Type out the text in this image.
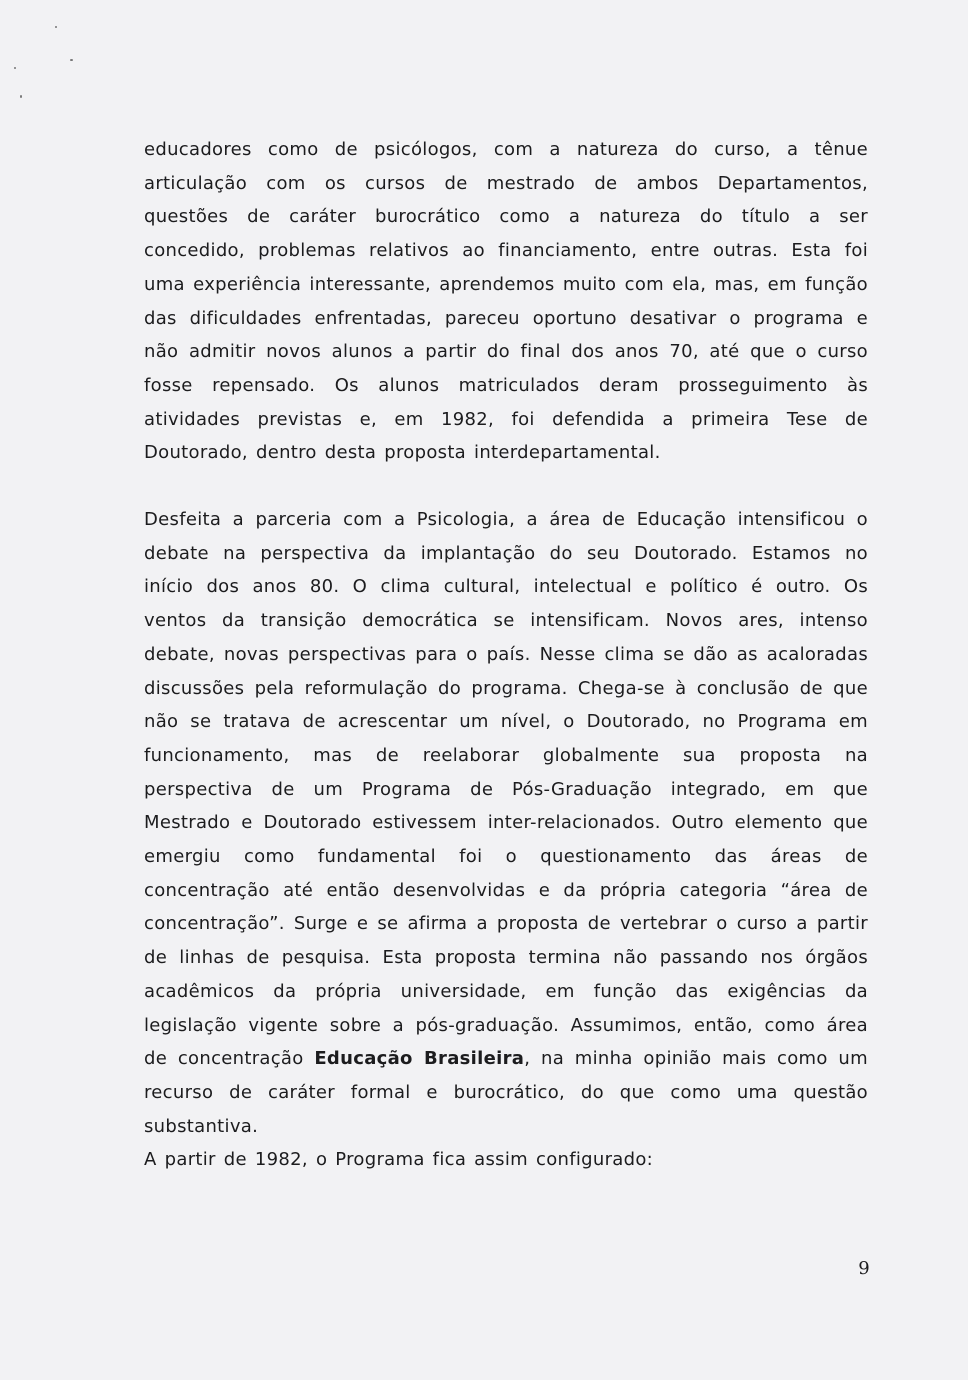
educadores como de psicólogos, com a natureza do curso, a tênue articulação com os cursos de mestrado de ambos Departamentos, questões de caráter burocrático como a natureza do título a ser concedido, problemas relativos ao financiamento, entre outras. Esta foi uma experiência interessante, aprendemos muito com ela, mas, em função das dificuldades enfrentadas, pareceu oportuno desativar o programa e não admitir novos alunos a partir do final dos anos 70, até que o curso fosse repensado. Os alunos matriculados deram prosseguimento às atividades previstas e, em 1982, foi defendida a primeira Tese de Doutorado, dentro desta proposta interdepartamental.

Desfeita a parceria com a Psicologia, a área de Educação intensificou o debate na perspectiva da implantação do seu Doutorado. Estamos no início dos anos 80. O clima cultural, intelectual e político é outro. Os ventos da transição democrática se intensificam. Novos ares, intenso debate, novas perspectivas para o país. Nesse clima se dão as acaloradas discussões pela reformulação do programa. Chega-se à conclusão de que não se tratava de acrescentar um nível, o Doutorado, no Programa em funcionamento, mas de reelaborar globalmente sua proposta na perspectiva de um Programa de Pós-Graduação integrado, em que Mestrado e Doutorado estivessem inter-relacionados. Outro elemento que emergiu como fundamental foi o questionamento das áreas de concentração até então desenvolvidas e da própria categoria “área de concentração”. Surge e se afirma a proposta de vertebrar o curso a partir de linhas de pesquisa. Esta proposta termina não passando nos órgãos acadêmicos da própria universidade, em função das exigências da legislação vigente sobre a pós-graduação. Assumimos, então, como área de concentração Educação Brasileira, na minha opinião mais como um recurso de caráter formal e burocrático, do que como uma questão substantiva.

A partir de 1982, o Programa fica assim configurado:

9
